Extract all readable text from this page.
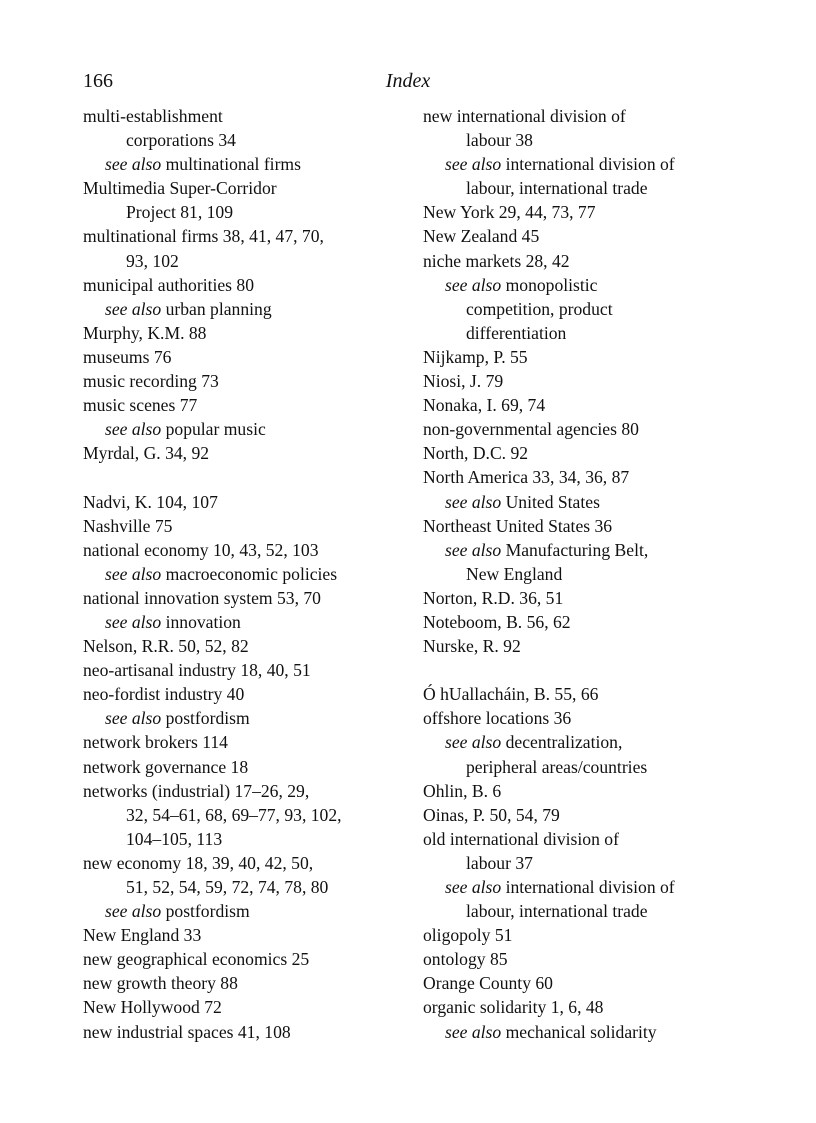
166	Index
multi-establishment
corporations 34
see also multinational firms
Multimedia Super-Corridor
Project 81, 109
multinational firms 38, 41, 47, 70,
93, 102
municipal authorities 80
see also urban planning
Murphy, K.M. 88
museums 76
music recording 73
music scenes 77
see also popular music
Myrdal, G. 34, 92
Nadvi, K. 104, 107
Nashville 75
national economy 10, 43, 52, 103
see also macroeconomic policies
national innovation system 53, 70
see also innovation
Nelson, R.R. 50, 52, 82
neo-artisanal industry 18, 40, 51
neo-fordist industry 40
see also postfordism
network brokers 114
network governance 18
networks (industrial) 17–26, 29,
32, 54–61, 68, 69–77, 93, 102,
104–105, 113
new economy 18, 39, 40, 42, 50,
51, 52, 54, 59, 72, 74, 78, 80
see also postfordism
New England 33
new geographical economics 25
new growth theory 88
New Hollywood 72
new industrial spaces 41, 108
new international division of
labour 38
see also international division of
labour, international trade
New York 29, 44, 73, 77
New Zealand 45
niche markets 28, 42
see also monopolistic
competition, product
differentiation
Nijkamp, P. 55
Niosi, J. 79
Nonaka, I. 69, 74
non-governmental agencies 80
North, D.C. 92
North America 33, 34, 36, 87
see also United States
Northeast United States 36
see also Manufacturing Belt,
New England
Norton, R.D. 36, 51
Noteboom, B. 56, 62
Nurske, R. 92
Ó hUallacháin, B. 55, 66
offshore locations 36
see also decentralization,
peripheral areas/countries
Ohlin, B. 6
Oinas, P. 50, 54, 79
old international division of
labour 37
see also international division of
labour, international trade
oligopoly 51
ontology 85
Orange County 60
organic solidarity 1, 6, 48
see also mechanical solidarity
